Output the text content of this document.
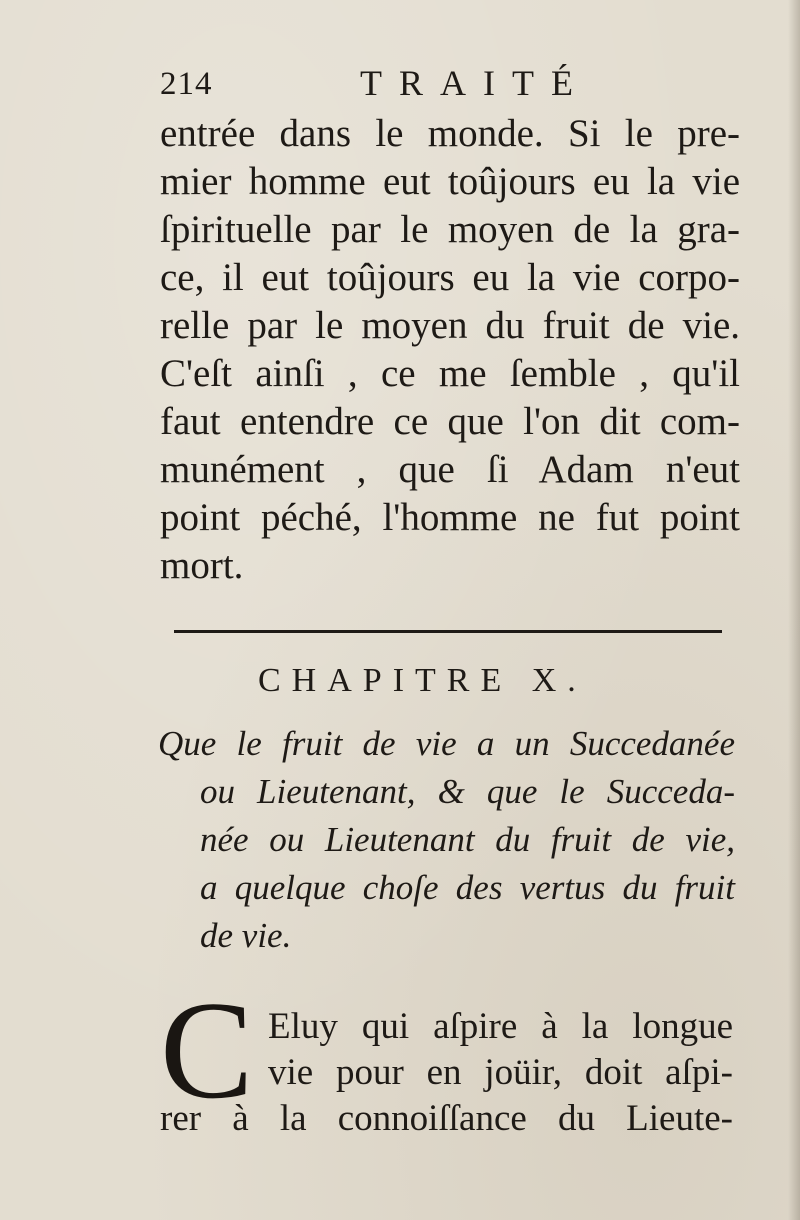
214	TRAITÉ
entrée dans le monde. Si le pre-
mier homme eut toûjours eu la vie
ſpirituelle par le moyen de la gra-
ce, il eut toûjours eu la vie corpo-
relle par le moyen du fruit de vie.
C'eſt ainſi , ce me ſemble , qu'il
faut entendre ce que l'on dit com-
munément , que ſi Adam n'eut
point péché, l'homme ne fut point
mort.
CHAPITRE X.
Que le fruit de vie a un Succedanée
ou Lieutenant, & que le Succeda-
née ou Lieutenant du fruit de vie,
a quelque choſe des vertus du fruit
de vie.
C Eluy qui aſpire à la longue
vie pour en joüir, doit aſpi-
rer à la connoiſſance du Lieute-
